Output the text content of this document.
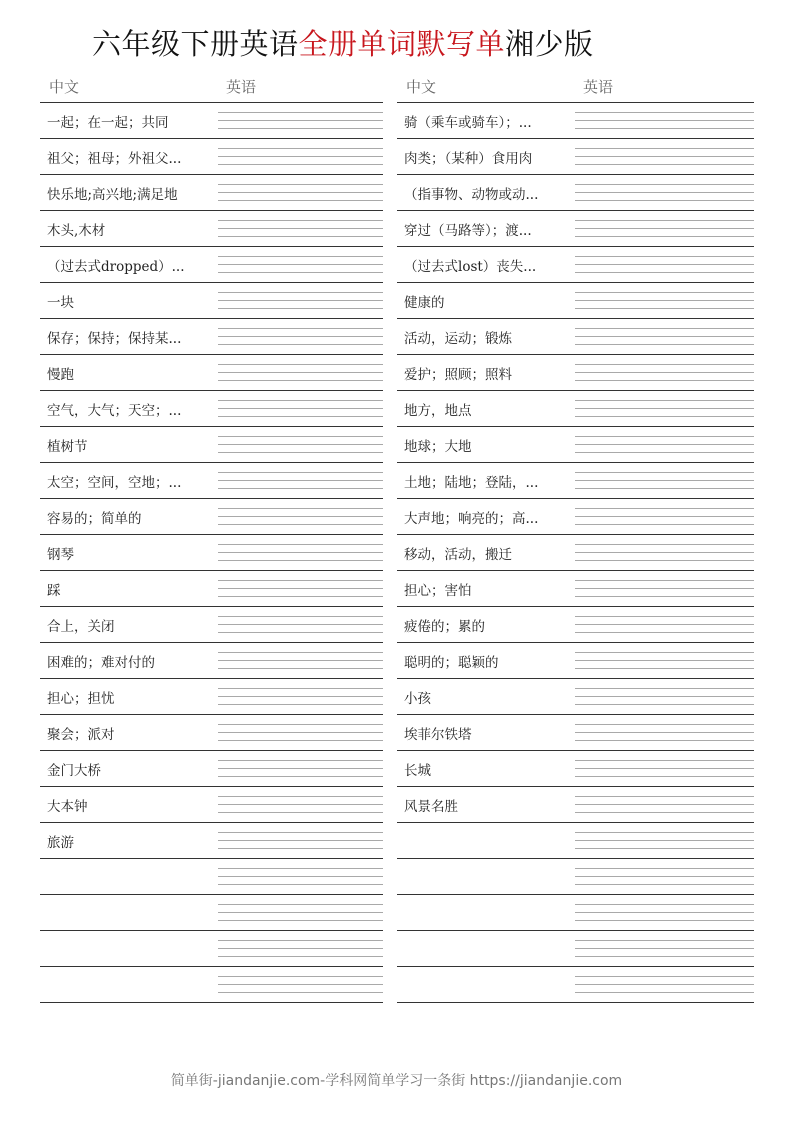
六年级下册英语全册单词默写单湘少版
中文	英语
一起；在一起；共同
祖父；祖母；外祖父...
快乐地;高兴地;满足地
木头,木材
（过去式dropped）...
一块
保存；保持；保持某...
慢跑
空气，大气；天空；...
植树节
太空；空间，空地；...
容易的；简单的
钢琴
踩
合上，关闭
困难的；难对付的
担心；担忧
聚会；派对
金门大桥
大本钟
旅游
中文	英语
骑（乘车或骑车）；...
肉类；（某种）食用肉
（指事物、动物或动...
穿过（马路等）；渡...
（过去式lost）丧失...
健康的
活动，运动；锻炼
爱护；照顾；照料
地方，地点
地球；大地
土地；陆地；登陆，...
大声地；响亮的；高...
移动，活动，搬迁
担心；害怕
疲倦的；累的
聪明的；聪颖的
小孩
埃菲尔铁塔
长城
风景名胜
简单街-jiandanjie.com-学科网简单学习一条街 https://jiandanjie.com
